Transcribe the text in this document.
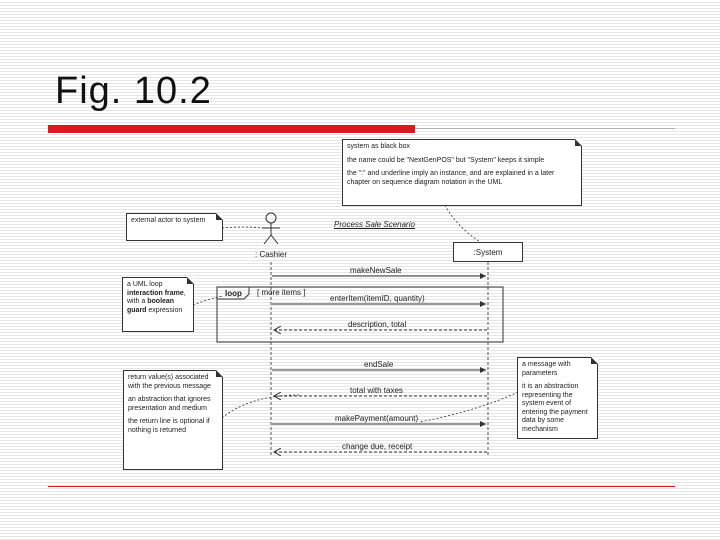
Fig. 10.2
Process Sale Scenario
: Cashier	:System
loop [ more items ]
makeNewSale
enterItem(itemID, quantity)
description, total
endSale
total with taxes
makePayment(amount)
change due, receipt

system as black box

the name could be "NextGenPOS" but "System" keeps it simple

the ":" and underline imply an instance, and are explained in a later chapter on sequence diagram notation in the UML

external actor to system

a UML loop interaction frame, with a boolean guard expression

return value(s) associated with the previous message

an abstraction that ignores presentation and medium

the return line is optional if nothing is returned

a message with parameters

it is an abstraction representing the system event of entering the payment data by some mechanism
